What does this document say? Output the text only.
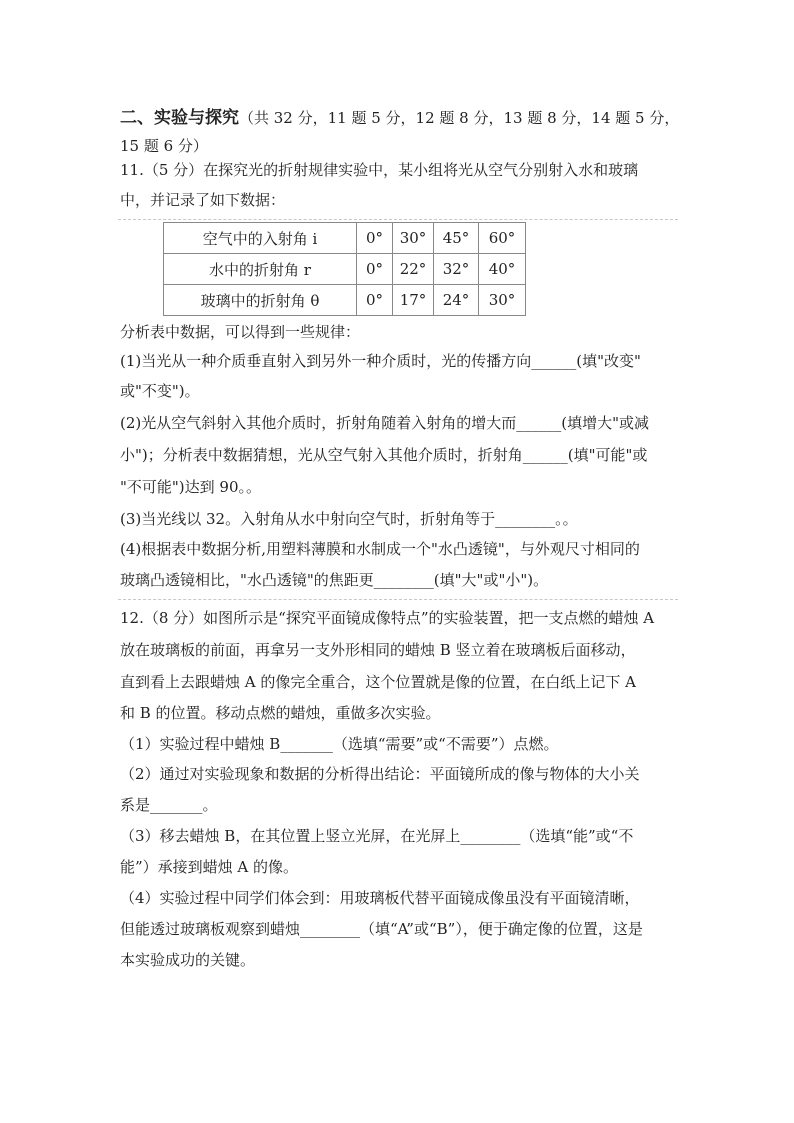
二、实验与探究（共 32 分，11 题 5 分，12 题 8 分，13 题 8 分，14 题 5 分，
15 题 6 分）
11.（5 分）在探究光的折射规律实验中，某小组将光从空气分别射入水和玻璃
中，并记录了如下数据：
空气中的入射角 i	0°	30°	45°	60°
水中的折射角 r	0°	22°	32°	40°
玻璃中的折射角 θ	0°	17°	24°	30°
分析表中数据，可以得到一些规律：
(1)当光从一种介质垂直射入到另外一种介质时，光的传播方向______(填"改变"
或"不变")。
(2)光从空气斜射入其他介质时，折射角随着入射角的增大而______(填增大"或减
小")；分析表中数据猜想，光从空气射入其他介质时，折射角______(填"可能"或
"不可能")达到 90。。
(3)当光线以 32。入射角从水中射向空气时，折射角等于________。。
(4)根据表中数据分析,用塑料薄膜和水制成一个"水凸透镜"，与外观尺寸相同的
玻璃凸透镜相比，"水凸透镜"的焦距更________(填"大"或"小")。
12.（8 分）如图所示是“探究平面镜成像特点”的实验装置，把一支点燃的蜡烛 A
放在玻璃板的前面，再拿另一支外形相同的蜡烛 B 竖立着在玻璃板后面移动，
直到看上去跟蜡烛 A 的像完全重合，这个位置就是像的位置，在白纸上记下 A
和 B 的位置。移动点燃的蜡烛，重做多次实验。
（1）实验过程中蜡烛 B_______（选填“需要”或“不需要”）点燃。
（2）通过对实验现象和数据的分析得出结论：平面镜所成的像与物体的大小关
系是_______。
（3）移去蜡烛 B，在其位置上竖立光屏，在光屏上________（选填“能”或“不
能”）承接到蜡烛 A 的像。
（4）实验过程中同学们体会到：用玻璃板代替平面镜成像虽没有平面镜清晰，
但能透过玻璃板观察到蜡烛________（填“A”或“B”），便于确定像的位置，这是
本实验成功的关键。
